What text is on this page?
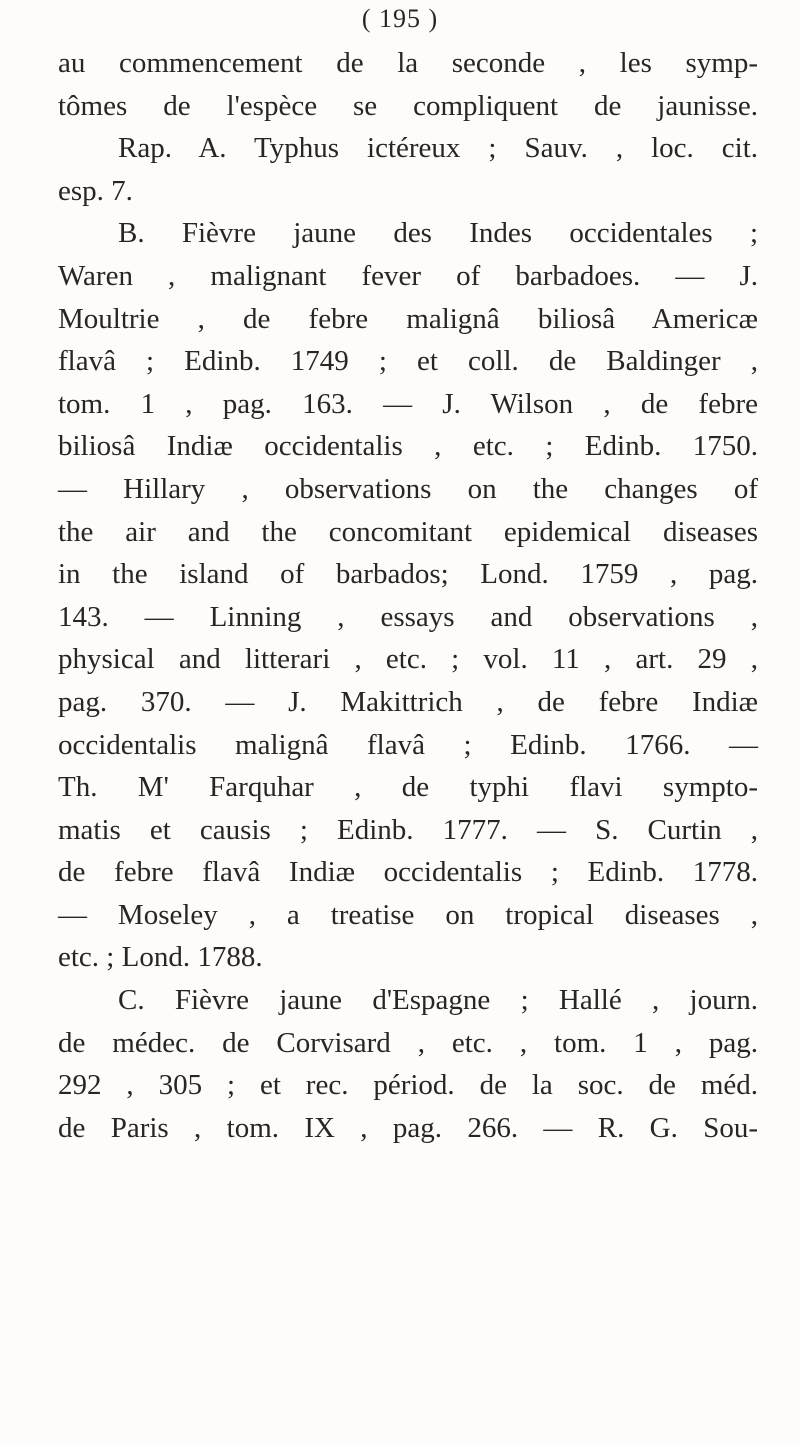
( 195 )
au commencement de la seconde , les symp-
tômes de l'espèce se compliquent de jaunisse.
Rap. A. Typhus ictéreux ; Sauv. , loc. cit.
esp. 7.
B. Fièvre jaune des Indes occidentales ;
Waren , malignant fever of barbadoes. — J.
Moultrie , de febre malignâ biliosâ Americæ
flavâ ; Edinb. 1749 ; et coll. de Baldinger ,
tom. 1 , pag. 163. — J. Wilson , de febre
biliosâ Indiæ occidentalis , etc. ; Edinb. 1750.
— Hillary , observations on the changes of
the air and the concomitant epidemical diseases
in the island of barbados; Lond. 1759 , pag.
143. — Linning , essays and observations ,
physical and litterari , etc. ; vol. 11 , art. 29 ,
pag. 370. — J. Makittrich , de febre Indiæ
occidentalis malignâ flavâ ; Edinb. 1766. —
Th. M' Farquhar , de typhi flavi sympto-
matis et causis ; Edinb. 1777. — S. Curtin ,
de febre flavâ Indiæ occidentalis ; Edinb. 1778.
— Moseley , a treatise on tropical diseases ,
etc. ; Lond. 1788.
C. Fièvre jaune d'Espagne ; Hallé , journ.
de médec. de Corvisard , etc. , tom. 1 , pag.
292 , 305 ; et rec. périod. de la soc. de méd.
de Paris , tom. IX , pag. 266. — R. G. Sou-
